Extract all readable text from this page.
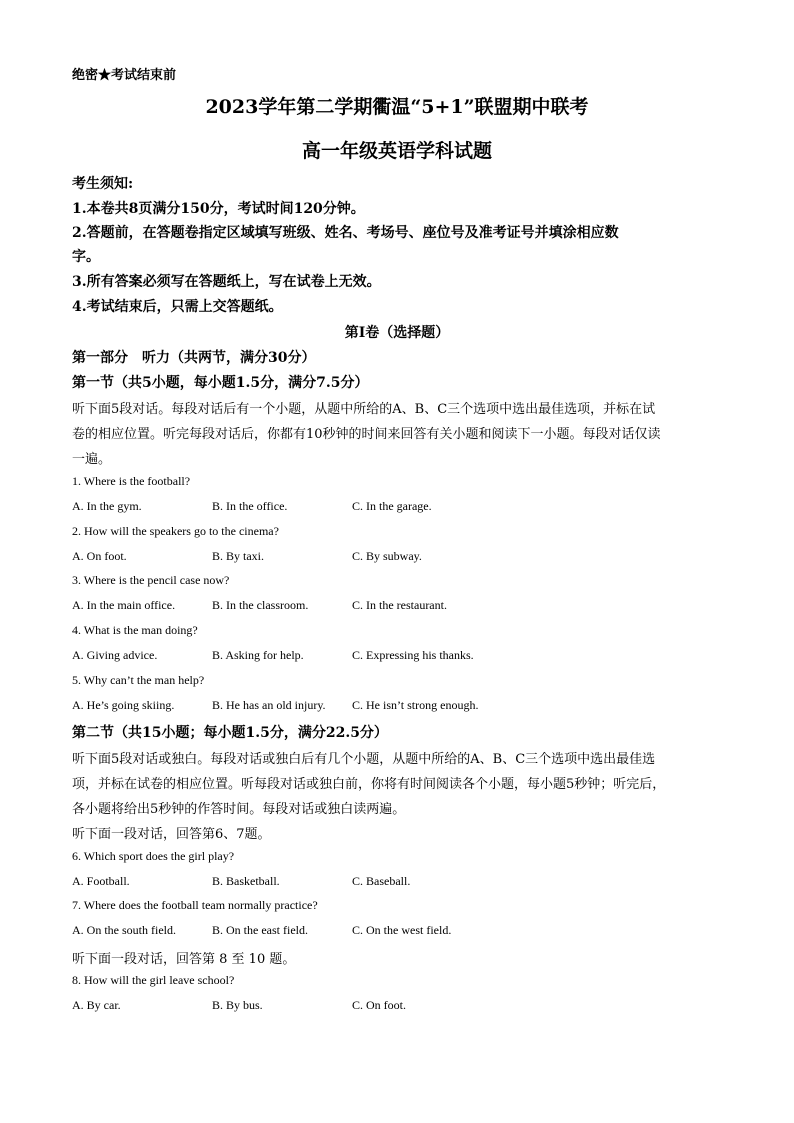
绝密★考试结束前
2023学年第二学期衢温“5+1”联盟期中联考
高一年级英语学科试题
考生须知:
1.本卷共8页满分150分，考试时间120分钟。
2.答题前，在答题卷指定区域填写班级、姓名、考场号、座位号及准考证号并填涂相应数
字。
3.所有答案必须写在答题纸上，写在试卷上无效。
4.考试结束后，只需上交答题纸。
第Ⅰ卷（选择题）
第一部分　听力（共两节，满分30分）
第一节（共5小题，每小题1.5分，满分7.5分）
听下面5段对话。每段对话后有一个小题，从题中所给的A、B、C三个选项中选出最佳选项，并标在试
卷的相应位置。听完每段对话后，你都有10秒钟的时间来回答有关小题和阅读下一小题。每段对话仅读
一遍。
1. Where is the football?
A. In the gym.	B. In the office.	C. In the garage.
2. How will the speakers go to the cinema?
A. On foot.	B. By taxi.	C. By subway.
3. Where is the pencil case now?
A. In the main office.	B. In the classroom.	C. In the restaurant.
4. What is the man doing?
A. Giving advice.	B. Asking for help.	C. Expressing his thanks.
5. Why can’t the man help?
A. He’s going skiing.	B. He has an old injury. C. He isn’t strong enough.
第二节（共15小题；每小题1.5分，满分22.5分）
听下面5段对话或独白。每段对话或独白后有几个小题，从题中所给的A、B、C三个选项中选出最佳选
项，并标在试卷的相应位置。听每段对话或独白前，你将有时间阅读各个小题，每小题5秒钟；听完后，
各小题将给出5秒钟的作答时间。每段对话或独白读两遍。
听下面一段对话，回答第6、7题。
6. Which sport does the girl play?
A. Football.	B. Basketball.	C. Baseball.
7. Where does the football team normally practice?
A. On the south field.	B. On the east field.	C. On the west field.
听下面一段对话，回答第 8 至 10 题。
8. How will the girl leave school?
A. By car.	B. By bus.	C. On foot.
